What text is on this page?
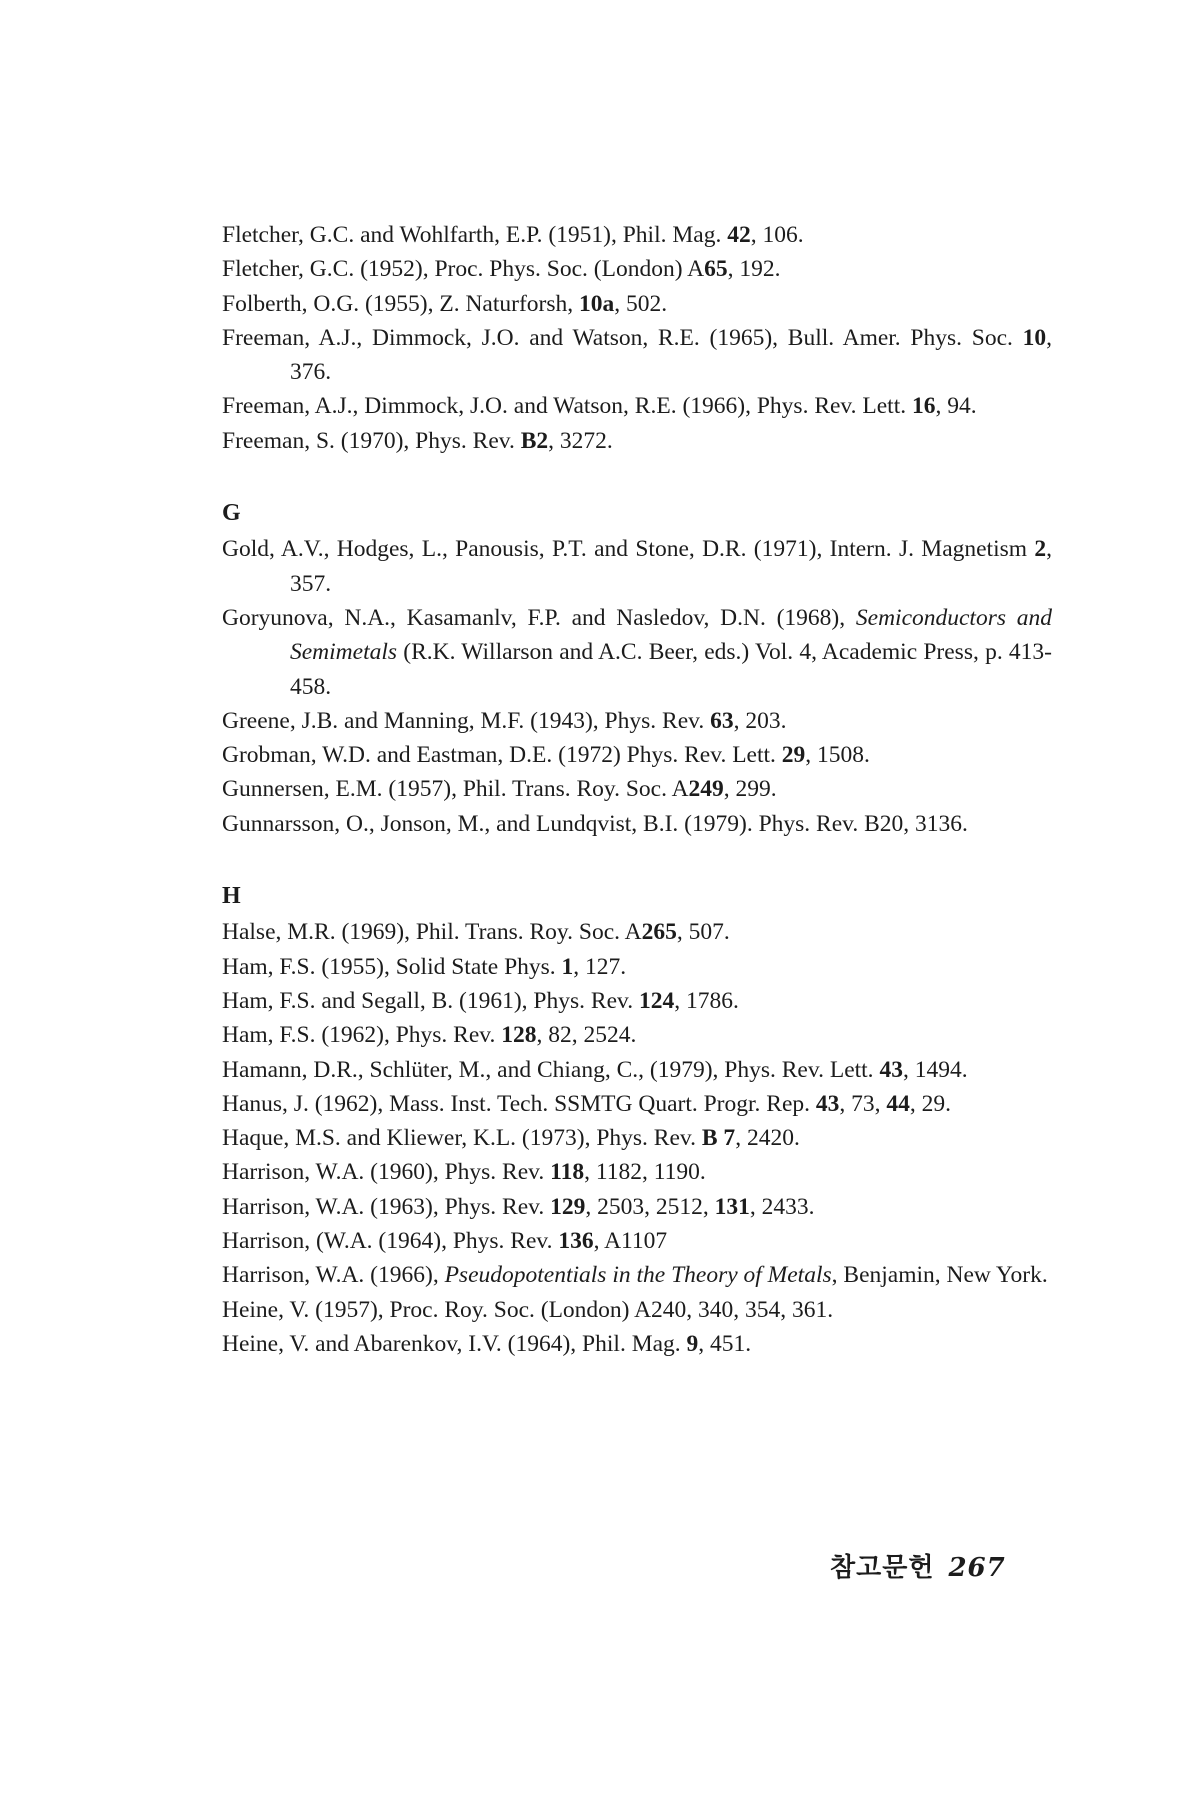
Fletcher, G.C. and Wohlfarth, E.P. (1951), Phil. Mag. 42, 106.
Fletcher, G.C. (1952), Proc. Phys. Soc. (London) A65, 192.
Folberth, O.G. (1955), Z. Naturforsh, 10a, 502.
Freeman, A.J., Dimmock, J.O. and Watson, R.E. (1965), Bull. Amer. Phys. Soc. 10, 376.
Freeman, A.J., Dimmock, J.O. and Watson, R.E. (1966), Phys. Rev. Lett. 16, 94.
Freeman, S. (1970), Phys. Rev. B2, 3272.
G
Gold, A.V., Hodges, L., Panousis, P.T. and Stone, D.R. (1971), Intern. J. Magnetism 2, 357.
Goryunova, N.A., Kasamanlv, F.P. and Nasledov, D.N. (1968), Semiconductors and Semimetals (R.K. Willarson and A.C. Beer, eds.) Vol. 4, Academic Press, p. 413-458.
Greene, J.B. and Manning, M.F. (1943), Phys. Rev. 63, 203.
Grobman, W.D. and Eastman, D.E. (1972) Phys. Rev. Lett. 29, 1508.
Gunnersen, E.M. (1957), Phil. Trans. Roy. Soc. A249, 299.
Gunnarsson, O., Jonson, M., and Lundqvist, B.I. (1979). Phys. Rev. B20, 3136.
H
Halse, M.R. (1969), Phil. Trans. Roy. Soc. A265, 507.
Ham, F.S. (1955), Solid State Phys. 1, 127.
Ham, F.S. and Segall, B. (1961), Phys. Rev. 124, 1786.
Ham, F.S. (1962), Phys. Rev. 128, 82, 2524.
Hamann, D.R., Schlüter, M., and Chiang, C., (1979), Phys. Rev. Lett. 43, 1494.
Hanus, J. (1962), Mass. Inst. Tech. SSMTG Quart. Progr. Rep. 43, 73, 44, 29.
Haque, M.S. and Kliewer, K.L. (1973), Phys. Rev. B 7, 2420.
Harrison, W.A. (1960), Phys. Rev. 118, 1182, 1190.
Harrison, W.A. (1963), Phys. Rev. 129, 2503, 2512, 131, 2433.
Harrison, (W.A. (1964), Phys. Rev. 136, A1107
Harrison, W.A. (1966), Pseudopotentials in the Theory of Metals, Benjamin, New York.
Heine, V. (1957), Proc. Roy. Soc. (London) A240, 340, 354, 361.
Heine, V. and Abarenkov, I.V. (1964), Phil. Mag. 9, 451.
참고문헌 267
